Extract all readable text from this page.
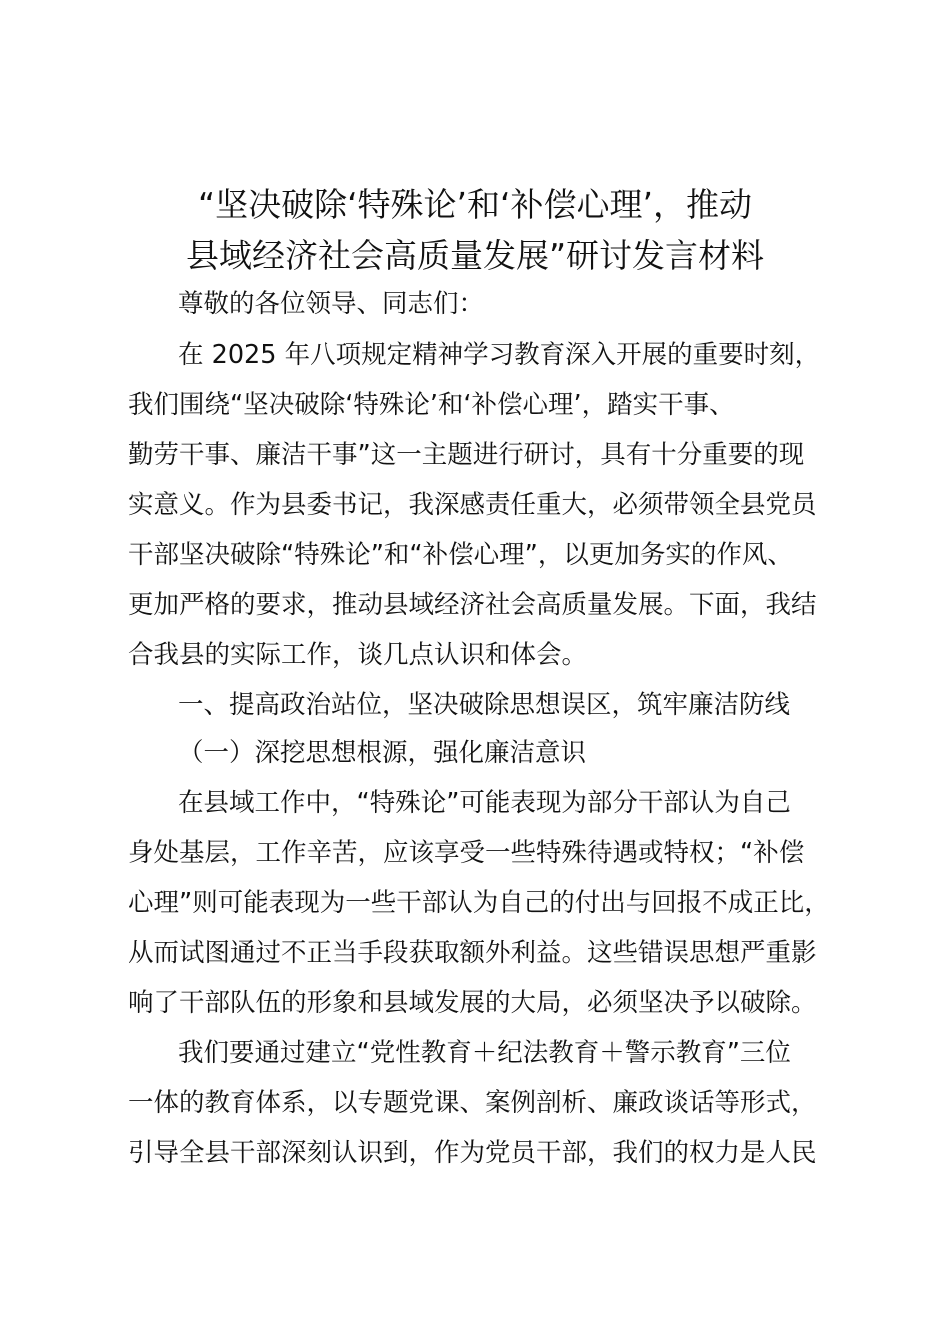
“坚决破除‘特殊论’和‘补偿心理’，推动
县域经济社会高质量发展”研讨发言材料
尊敬的各位领导、同志们：
在 2025 年八项规定精神学习教育深入开展的重要时刻，
我们围绕“坚决破除‘特殊论’和‘补偿心理’，踏实干事、
勤劳干事、廉洁干事”这一主题进行研讨，具有十分重要的现
实意义。作为县委书记，我深感责任重大，必须带领全县党员
干部坚决破除“特殊论”和“补偿心理”，以更加务实的作风、
更加严格的要求，推动县域经济社会高质量发展。下面，我结
合我县的实际工作，谈几点认识和体会。
一、提高政治站位，坚决破除思想误区，筑牢廉洁防线
（一）深挖思想根源，强化廉洁意识
在县域工作中，“特殊论”可能表现为部分干部认为自己
身处基层，工作辛苦，应该享受一些特殊待遇或特权；“补偿
心理”则可能表现为一些干部认为自己的付出与回报不成正比，
从而试图通过不正当手段获取额外利益。这些错误思想严重影
响了干部队伍的形象和县域发展的大局，必须坚决予以破除。
我们要通过建立“党性教育＋纪法教育＋警示教育”三位
一体的教育体系，以专题党课、案例剖析、廉政谈话等形式，
引导全县干部深刻认识到，作为党员干部，我们的权力是人民
